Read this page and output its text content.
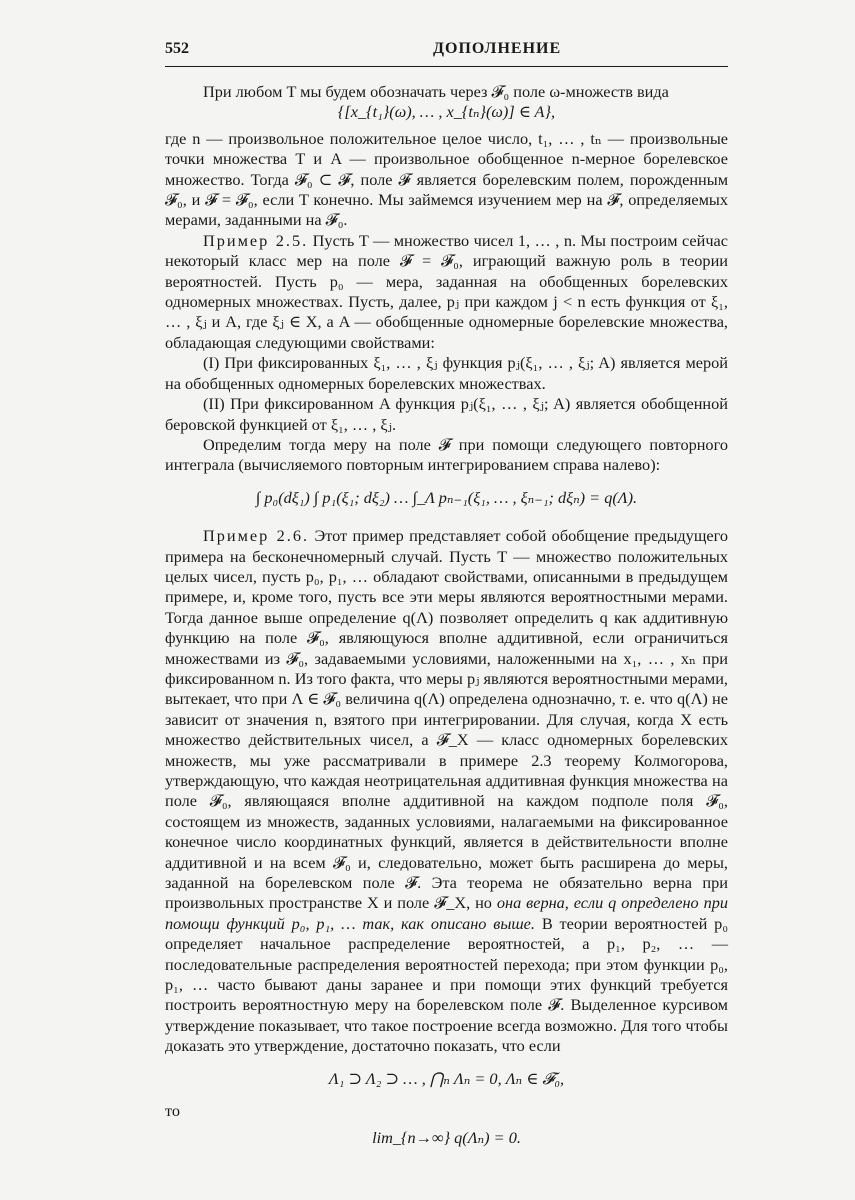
552	ДОПОЛНЕНИЕ

При любом T мы будем обозначать через 𝓕₀ поле ω-множеств вида

{[x_{t₁}(ω), … , x_{tₙ}(ω)] ∈ A},

где n — произвольное положительное целое число, t₁, … , tₙ — произвольные точки множества T и A — произвольное обобщенное n-мерное борелевское множество. Тогда 𝓕₀ ⊂ 𝓕, поле 𝓕 является борелевским полем, порожденным 𝓕₀, и 𝓕 = 𝓕₀, если T конечно. Мы займемся изучением мер на 𝓕, определяемых мерами, заданными на 𝓕₀.

Пример 2.5. Пусть T — множество чисел 1, … , n. Мы построим сейчас некоторый класс мер на поле 𝓕 = 𝓕₀, играющий важную роль в теории вероятностей. Пусть p₀ — мера, заданная на обобщенных борелевских одномерных множествах. Пусть, далее, pⱼ при каждом j < n есть функция от ξ₁, … , ξⱼ и A, где ξⱼ ∈ X, а A — обобщенные одномерные борелевские множества, обладающая следующими свойствами:

(I) При фиксированных ξ₁, … , ξⱼ функция pⱼ(ξ₁, … , ξⱼ; A) является мерой на обобщенных одномерных борелевских множествах.

(II) При фиксированном A функция pⱼ(ξ₁, … , ξⱼ; A) является обобщенной беровской функцией от ξ₁, … , ξⱼ.

Определим тогда меру на поле 𝓕 при помощи следующего повторного интеграла (вычисляемого повторным интегрированием справа налево):

∫ p₀(dξ₁) ∫ p₁(ξ₁; dξ₂) … ∫_Λ pₙ₋₁(ξ₁, … , ξₙ₋₁; dξₙ) = q(Λ).

Пример 2.6. Этот пример представляет собой обобщение предыдущего примера на бесконечномерный случай. Пусть T — множество положительных целых чисел, пусть p₀, p₁, … обладают свойствами, описанными в предыдущем примере, и, кроме того, пусть все эти меры являются вероятностными мерами. Тогда данное выше определение q(Λ) позволяет определить q как аддитивную функцию на поле 𝓕₀, являющуюся вполне аддитивной, если ограничиться множествами из 𝓕₀, задаваемыми условиями, наложенными на x₁, … , xₙ при фиксированном n. Из того факта, что меры pⱼ являются вероятностными мерами, вытекает, что при Λ ∈ 𝓕₀ величина q(Λ) определена однозначно, т. е. что q(Λ) не зависит от значения n, взятого при интегрировании. Для случая, когда X есть множество действительных чисел, а 𝓕_X — класс одномерных борелевских множеств, мы уже рассматривали в примере 2.3 теорему Колмогорова, утверждающую, что каждая неотрицательная аддитивная функция множества на поле 𝓕₀, являющаяся вполне аддитивной на каждом подполе поля 𝓕₀, состоящем из множеств, заданных условиями, налагаемыми на фиксированное конечное число координатных функций, является в действительности вполне аддитивной и на всем 𝓕₀ и, следовательно, может быть расширена до меры, заданной на борелевском поле 𝓕. Эта теорема не обязательно верна при произвольных пространстве X и поле 𝓕_X, но она верна, если q определено при помощи функций p₀, p₁, … так, как описано выше. В теории вероятностей p₀ определяет начальное распределение вероятностей, а p₁, p₂, … — последовательные распределения вероятностей перехода; при этом функции p₀, p₁, … часто бывают даны заранее и при помощи этих функций требуется построить вероятностную меру на борелевском поле 𝓕. Выделенное курсивом утверждение показывает, что такое построение всегда возможно. Для того чтобы доказать это утверждение, достаточно показать, что если

Λ₁ ⊃ Λ₂ ⊃ … , ⋂ₙ Λₙ = 0, Λₙ ∈ 𝓕₀,

то

lim_{n→∞} q(Λₙ) = 0.
